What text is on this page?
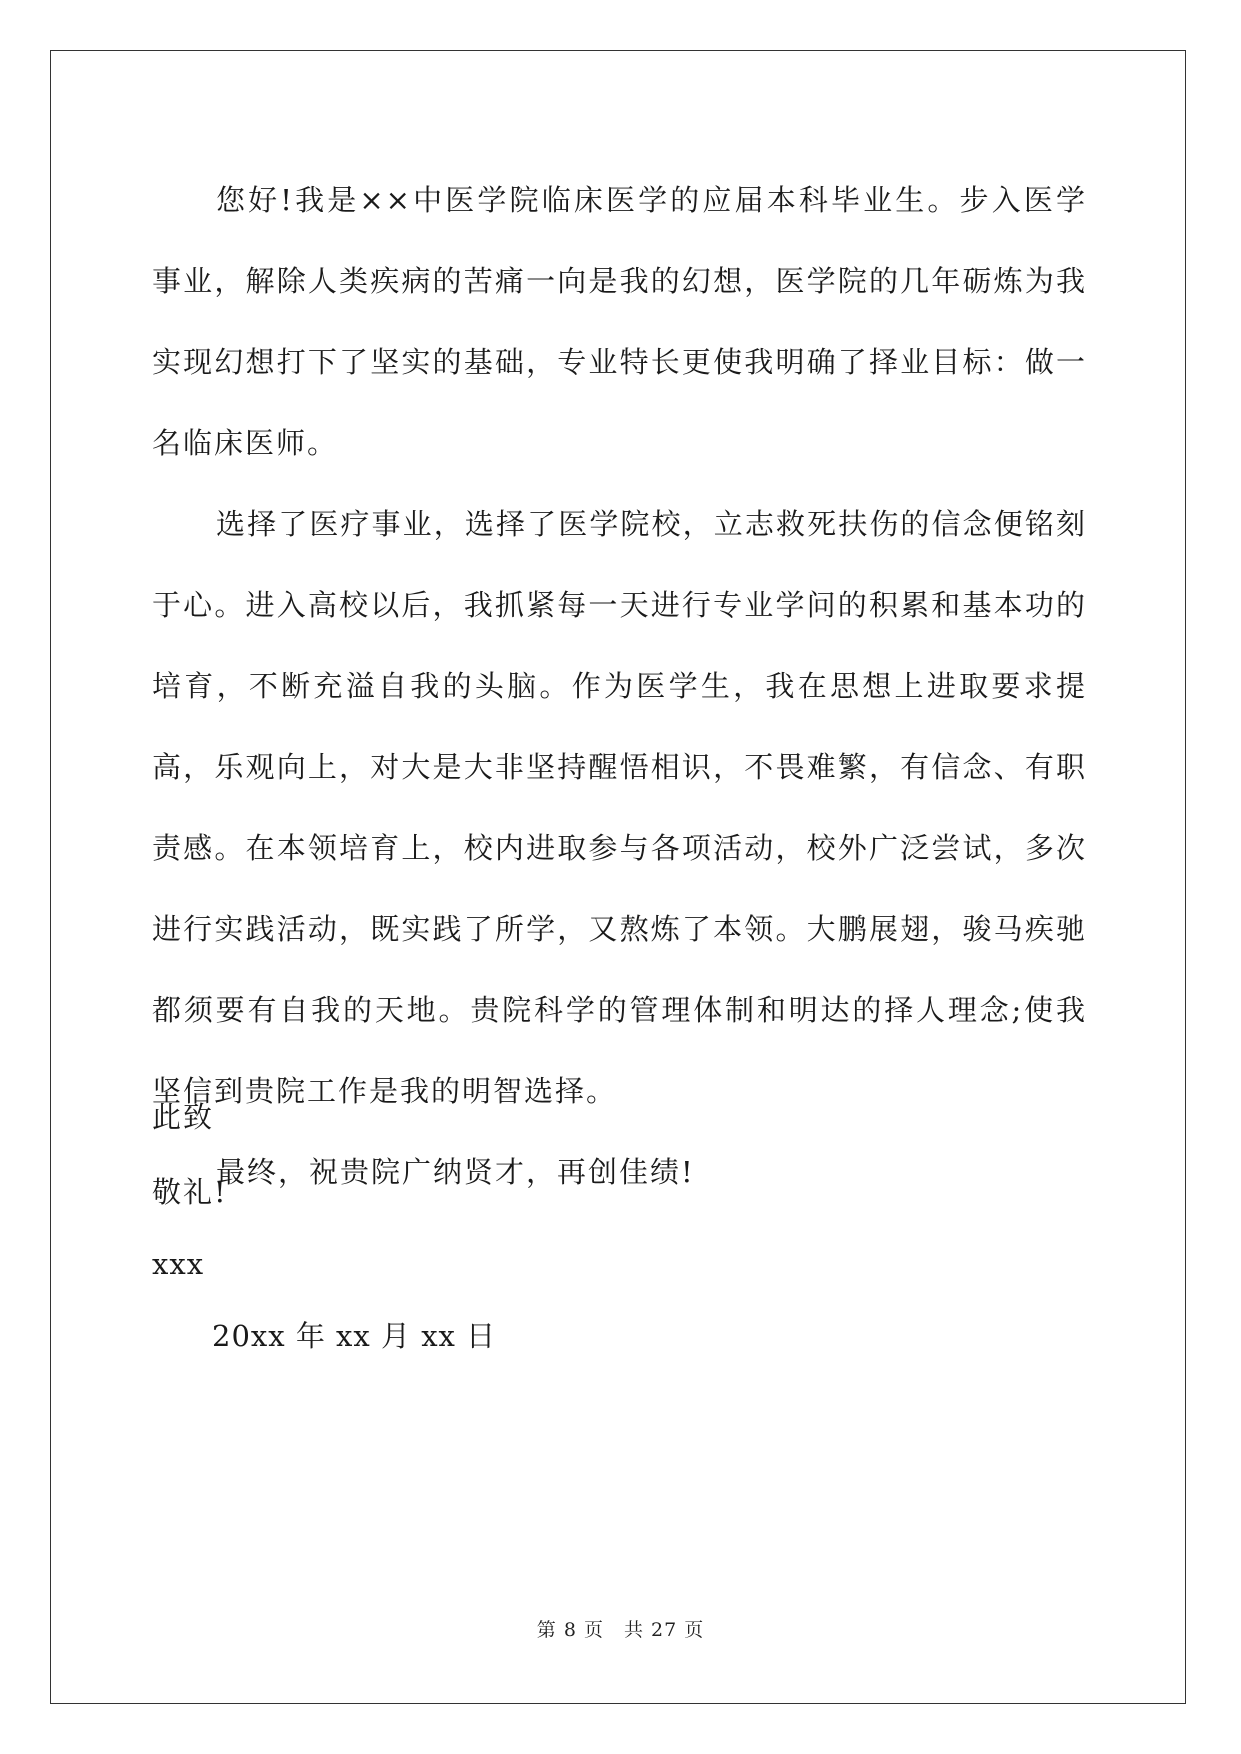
您好!我是××中医学院临床医学的应届本科毕业生。步入医学事业，解除人类疾病的苦痛一向是我的幻想，医学院的几年砺炼为我实现幻想打下了坚实的基础，专业特长更使我明确了择业目标：做一名临床医师。

选择了医疗事业，选择了医学院校，立志救死扶伤的信念便铭刻于心。进入高校以后，我抓紧每一天进行专业学问的积累和基本功的培育，不断充溢自我的头脑。作为医学生，我在思想上进取要求提高，乐观向上，对大是大非坚持醒悟相识，不畏难繁，有信念、有职责感。在本领培育上，校内进取参与各项活动，校外广泛尝试，多次进行实践活动，既实践了所学，又熬炼了本领。大鹏展翅，骏马疾驰都须要有自我的天地。贵院科学的管理体制和明达的择人理念;使我坚信到贵院工作是我的明智选择。

最终，祝贵院广纳贤才，再创佳绩!

此致

敬礼!

xxx

20xx 年 xx 月 xx 日

第 8 页　共 27 页
